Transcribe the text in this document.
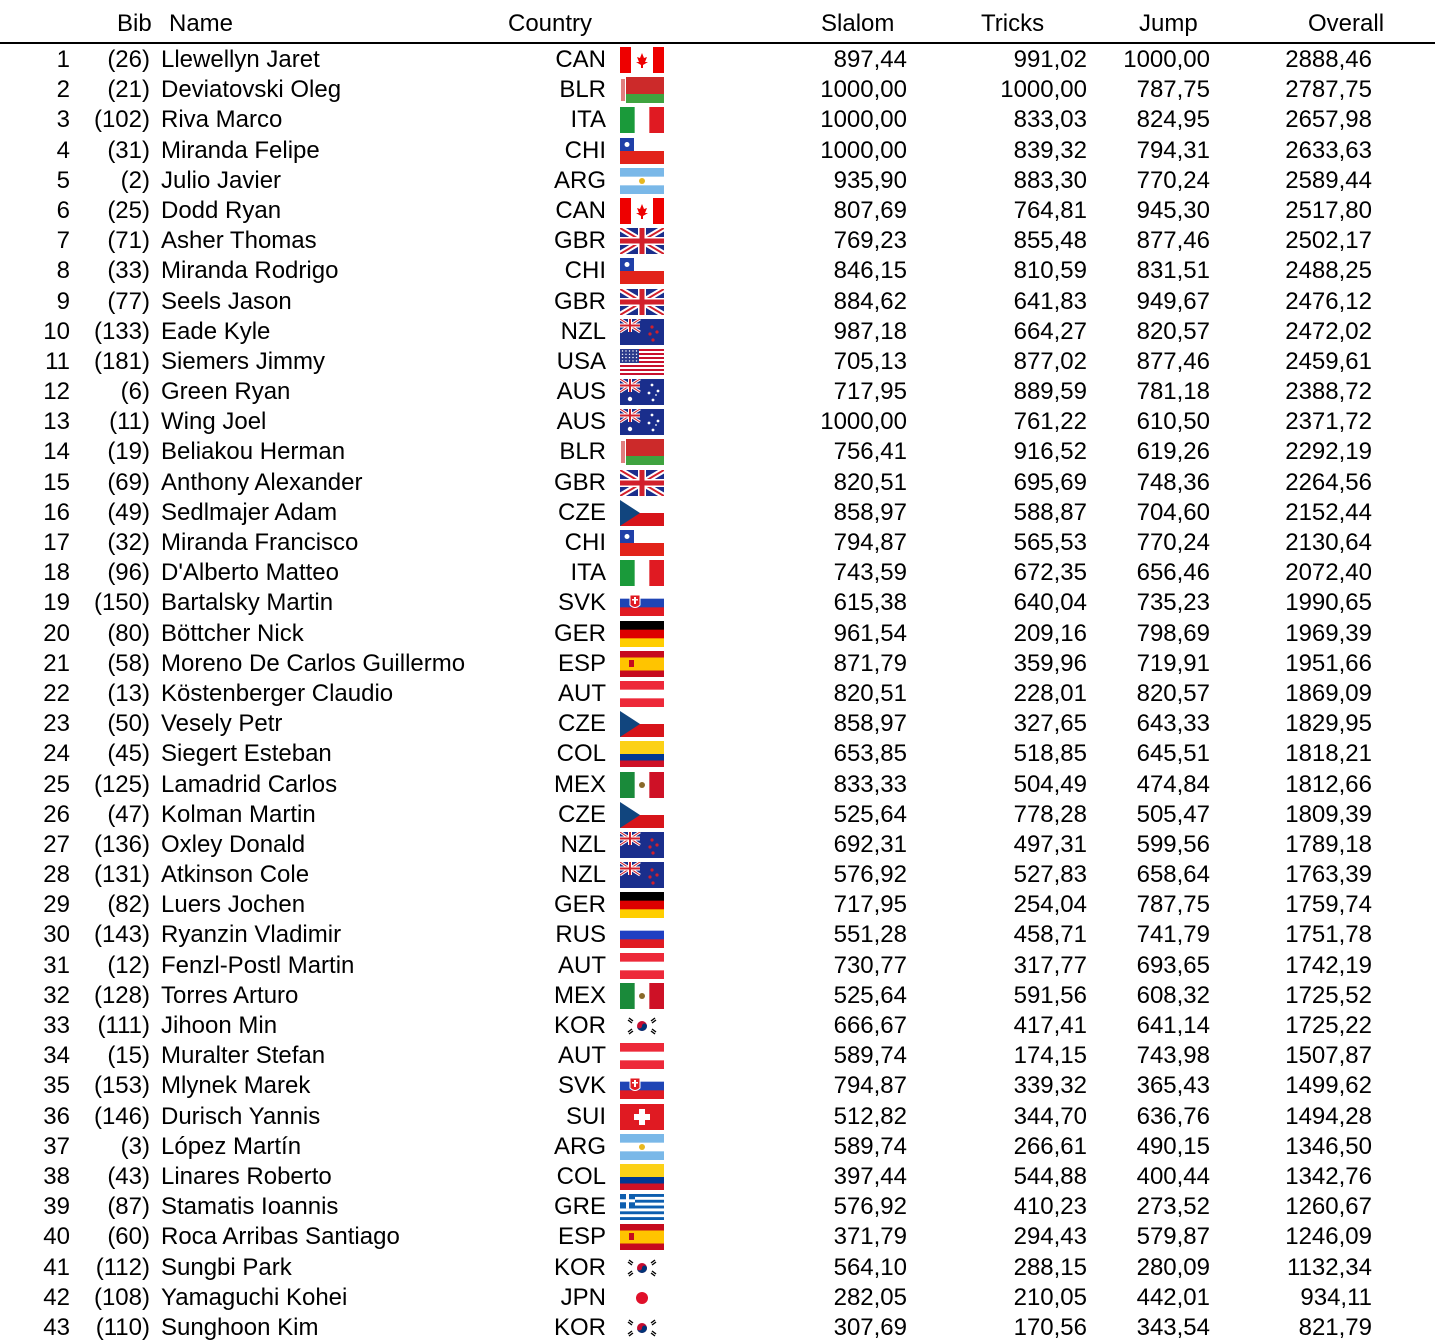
Bib Name	Country	Slalom	Tricks	Jump	Overall
1 (26) Llewellyn Jaret	CAN	897,44	991,02 1000,00	2888,46
2 (21) Deviatovski Oleg	BLR	1000,00	1000,00 787,75	2787,75
3 (102) Riva Marco	ITA	1000,00	833,03 824,95	2657,98
4 (31) Miranda Felipe	CHI	1000,00	839,32 794,31	2633,63
5 (2) Julio Javier	ARG	935,90	883,30 770,24	2589,44
6 (25) Dodd Ryan	CAN	807,69	764,81 945,30	2517,80
7 (71) Asher Thomas	GBR	769,23	855,48 877,46	2502,17
8 (33) Miranda Rodrigo	CHI	846,15	810,59 831,51	2488,25
9 (77) Seels Jason	GBR	884,62	641,83 949,67	2476,12
10 (133) Eade Kyle	NZL	987,18	664,27 820,57	2472,02
11 (181) Siemers Jimmy	USA	705,13	877,02 877,46	2459,61
12 (6) Green Ryan	AUS	717,95	889,59 781,18	2388,72
13 (11) Wing Joel	AUS	1000,00	761,22 610,50	2371,72
14 (19) Beliakou Herman	BLR	756,41	916,52 619,26	2292,19
15 (69) Anthony Alexander	GBR	820,51	695,69 748,36	2264,56
16 (49) Sedlmajer Adam	CZE	858,97	588,87 704,60	2152,44
17 (32) Miranda Francisco	CHI	794,87	565,53 770,24	2130,64
18 (96) D'Alberto Matteo	ITA	743,59	672,35 656,46	2072,40
19 (150) Bartalsky Martin	SVK	615,38	640,04 735,23	1990,65
20 (80) Böttcher Nick	GER	961,54	209,16 798,69	1969,39
21 (58) Moreno De Carlos Guillermo	ESP	871,79	359,96 719,91	1951,66
22 (13) Köstenberger Claudio	AUT	820,51	228,01 820,57	1869,09
23 (50) Vesely Petr	CZE	858,97	327,65 643,33	1829,95
24 (45) Siegert Esteban	COL	653,85	518,85 645,51	1818,21
25 (125) Lamadrid Carlos	MEX	833,33	504,49 474,84	1812,66
26 (47) Kolman Martin	CZE	525,64	778,28 505,47	1809,39
27 (136) Oxley Donald	NZL	692,31	497,31 599,56	1789,18
28 (131) Atkinson Cole	NZL	576,92	527,83 658,64	1763,39
29 (82) Luers Jochen	GER	717,95	254,04 787,75	1759,74
30 (143) Ryanzin Vladimir	RUS	551,28	458,71 741,79	1751,78
31 (12) Fenzl-Postl Martin	AUT	730,77	317,77 693,65	1742,19
32 (128) Torres Arturo	MEX	525,64	591,56 608,32	1725,52
33 (111) Jihoon Min	KOR	666,67	417,41 641,14	1725,22
34 (15) Muralter Stefan	AUT	589,74	174,15 743,98	1507,87
35 (153) Mlynek Marek	SVK	794,87	339,32 365,43	1499,62
36 (146) Durisch Yannis	SUI	512,82	344,70 636,76	1494,28
37 (3) López Martín	ARG	589,74	266,61 490,15	1346,50
38 (43) Linares Roberto	COL	397,44	544,88 400,44	1342,76
39 (87) Stamatis Ioannis	GRE	576,92	410,23 273,52	1260,67
40 (60) Roca Arribas Santiago	ESP	371,79	294,43 579,87	1246,09
41 (112) Sungbi Park	KOR	564,10	288,15 280,09	1132,34
42 (108) Yamaguchi Kohei	JPN	282,05	210,05 442,01	934,11
43 (110) Sunghoon Kim	KOR	307,69	170,56 343,54	821,79
